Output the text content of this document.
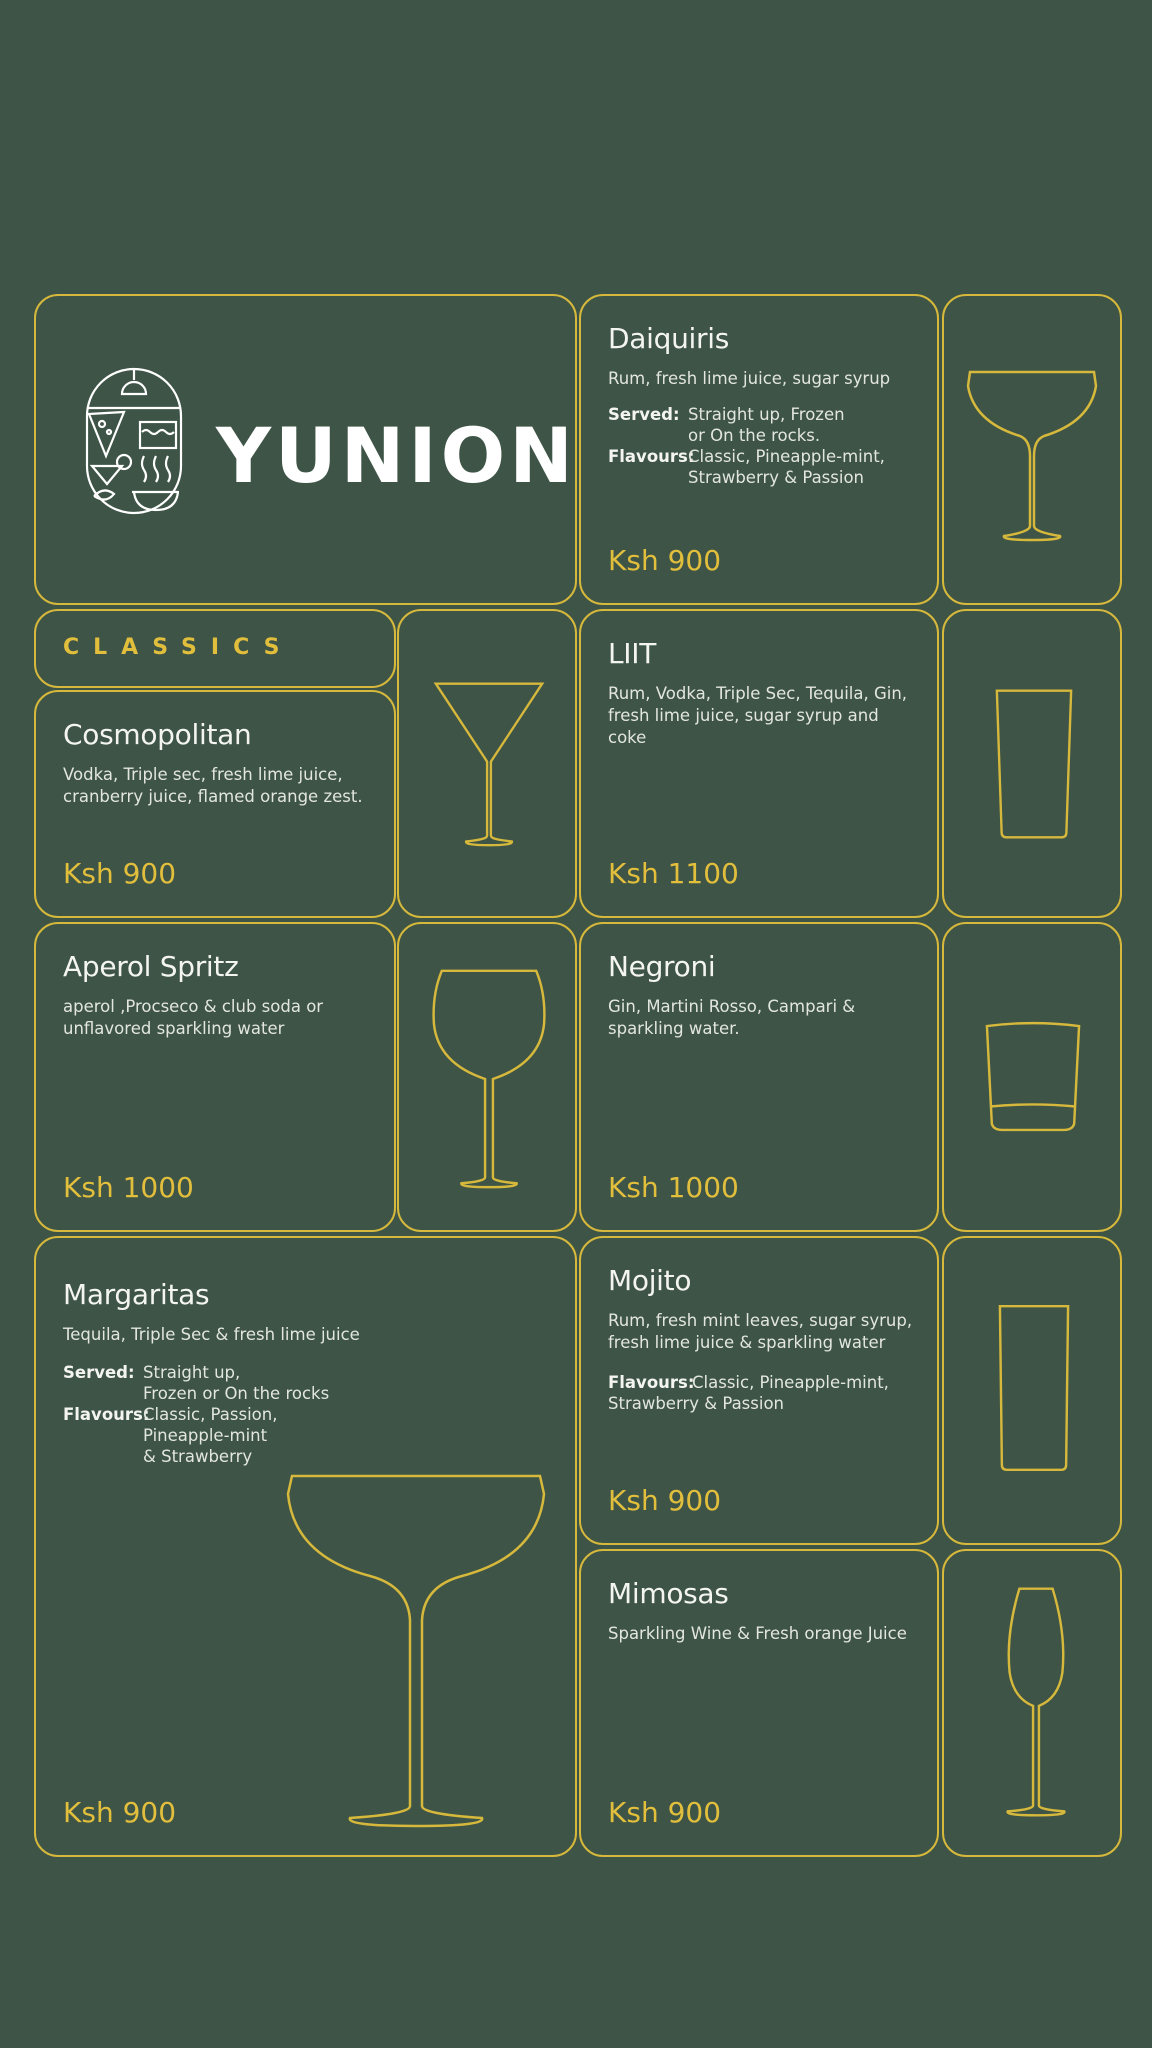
YUNION
Daiquiris
Rum, fresh lime juice, sugar syrup
Served: Straight up, Frozen
or On the rocks.
Flavours:
Classic, Pineapple-mint,
Strawberry & Passion
Ksh 900
CLASSICS
Cosmopolitan
Vodka, Triple sec, fresh lime juice, cranberry juice, flamed orange zest.
Ksh 900
LIIT
Rum, Vodka, Triple Sec, Tequila, Gin, fresh lime juice, sugar syrup and coke
Ksh 1100
Aperol Spritz
aperol ,Procseco & club soda or unflavored sparkling water
Ksh 1000
Negroni
Gin, Martini Rosso, Campari & sparkling water.
Ksh 1000
Margaritas
Tequila, Triple Sec & fresh lime juice
Served: Straight up,
Frozen or On the rocks
Flavours:
Classic, Passion,
Pineapple-mint
& Strawberry
Ksh 900
Mojito
Rum, fresh mint leaves, sugar syrup, fresh lime juice & sparkling water
Flavours:
Classic, Pineapple-mint,
Strawberry & Passion
Ksh 900
Mimosas
Sparkling Wine & Fresh orange Juice
Ksh 900
